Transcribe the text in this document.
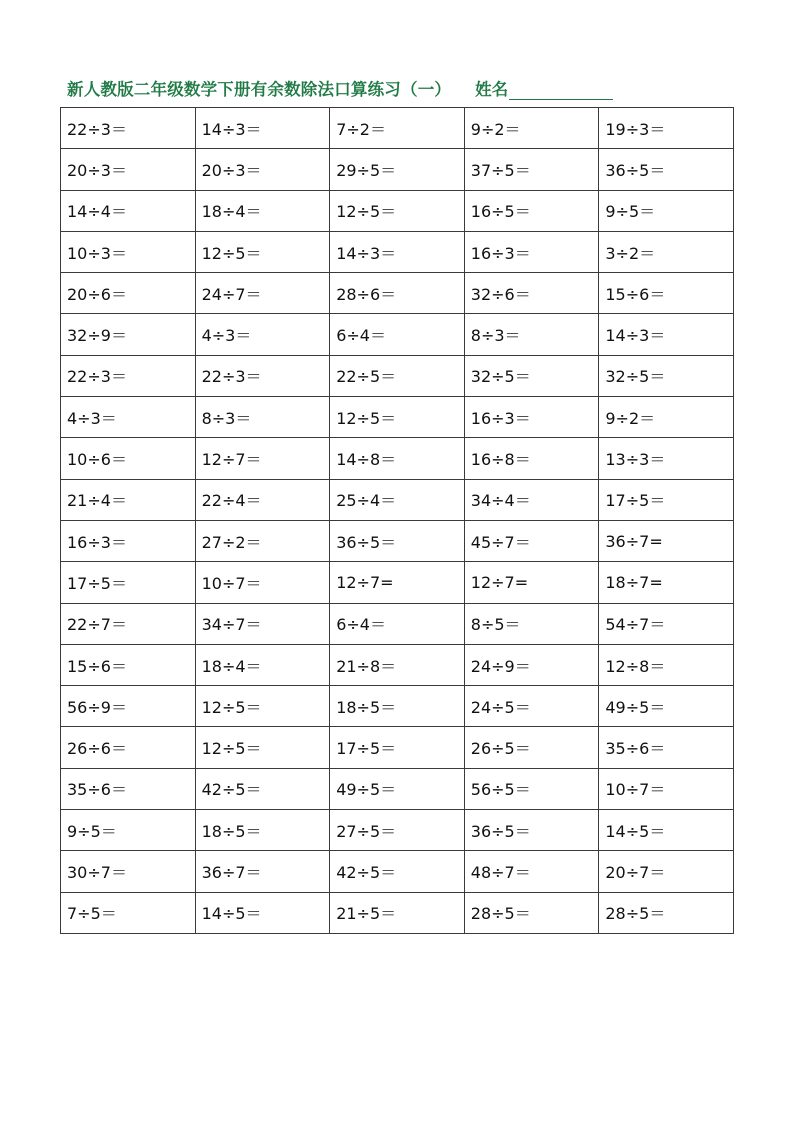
新人教版二年级数学下册有余数除法口算练习（一） 姓名
22÷3＝	14÷3＝	7÷2＝	9÷2＝	19÷3＝
20÷3＝	20÷3＝	29÷5＝	37÷5＝	36÷5＝
14÷4＝	18÷4＝	12÷5＝	16÷5＝	9÷5＝
10÷3＝	12÷5＝	14÷3＝	16÷3＝	3÷2＝
20÷6＝	24÷7＝	28÷6＝	32÷6＝	15÷6＝
32÷9＝	4÷3＝	6÷4＝	8÷3＝	14÷3＝
22÷3＝	22÷3＝	22÷5＝	32÷5＝	32÷5＝
4÷3＝	8÷3＝	12÷5＝	16÷3＝	9÷2＝
10÷6＝	12÷7＝	14÷8＝	16÷8＝	13÷3＝
21÷4＝	22÷4＝	25÷4＝	34÷4＝	17÷5＝
16÷3＝	27÷2＝	36÷5＝	45÷7＝	36÷7=
17÷5＝	10÷7＝	12÷7=	12÷7=	18÷7=
22÷7＝	34÷7＝	6÷4＝	8÷5＝	54÷7＝
15÷6＝	18÷4＝	21÷8＝	24÷9＝	12÷8＝
56÷9＝	12÷5＝	18÷5＝	24÷5＝	49÷5＝
26÷6＝	12÷5＝	17÷5＝	26÷5＝	35÷6＝
35÷6＝	42÷5＝	49÷5＝	56÷5＝	10÷7＝
9÷5＝	18÷5＝	27÷5＝	36÷5＝	14÷5＝
30÷7＝	36÷7＝	42÷5＝	48÷7＝	20÷7＝
7÷5＝	14÷5＝	21÷5＝	28÷5＝	28÷5＝
